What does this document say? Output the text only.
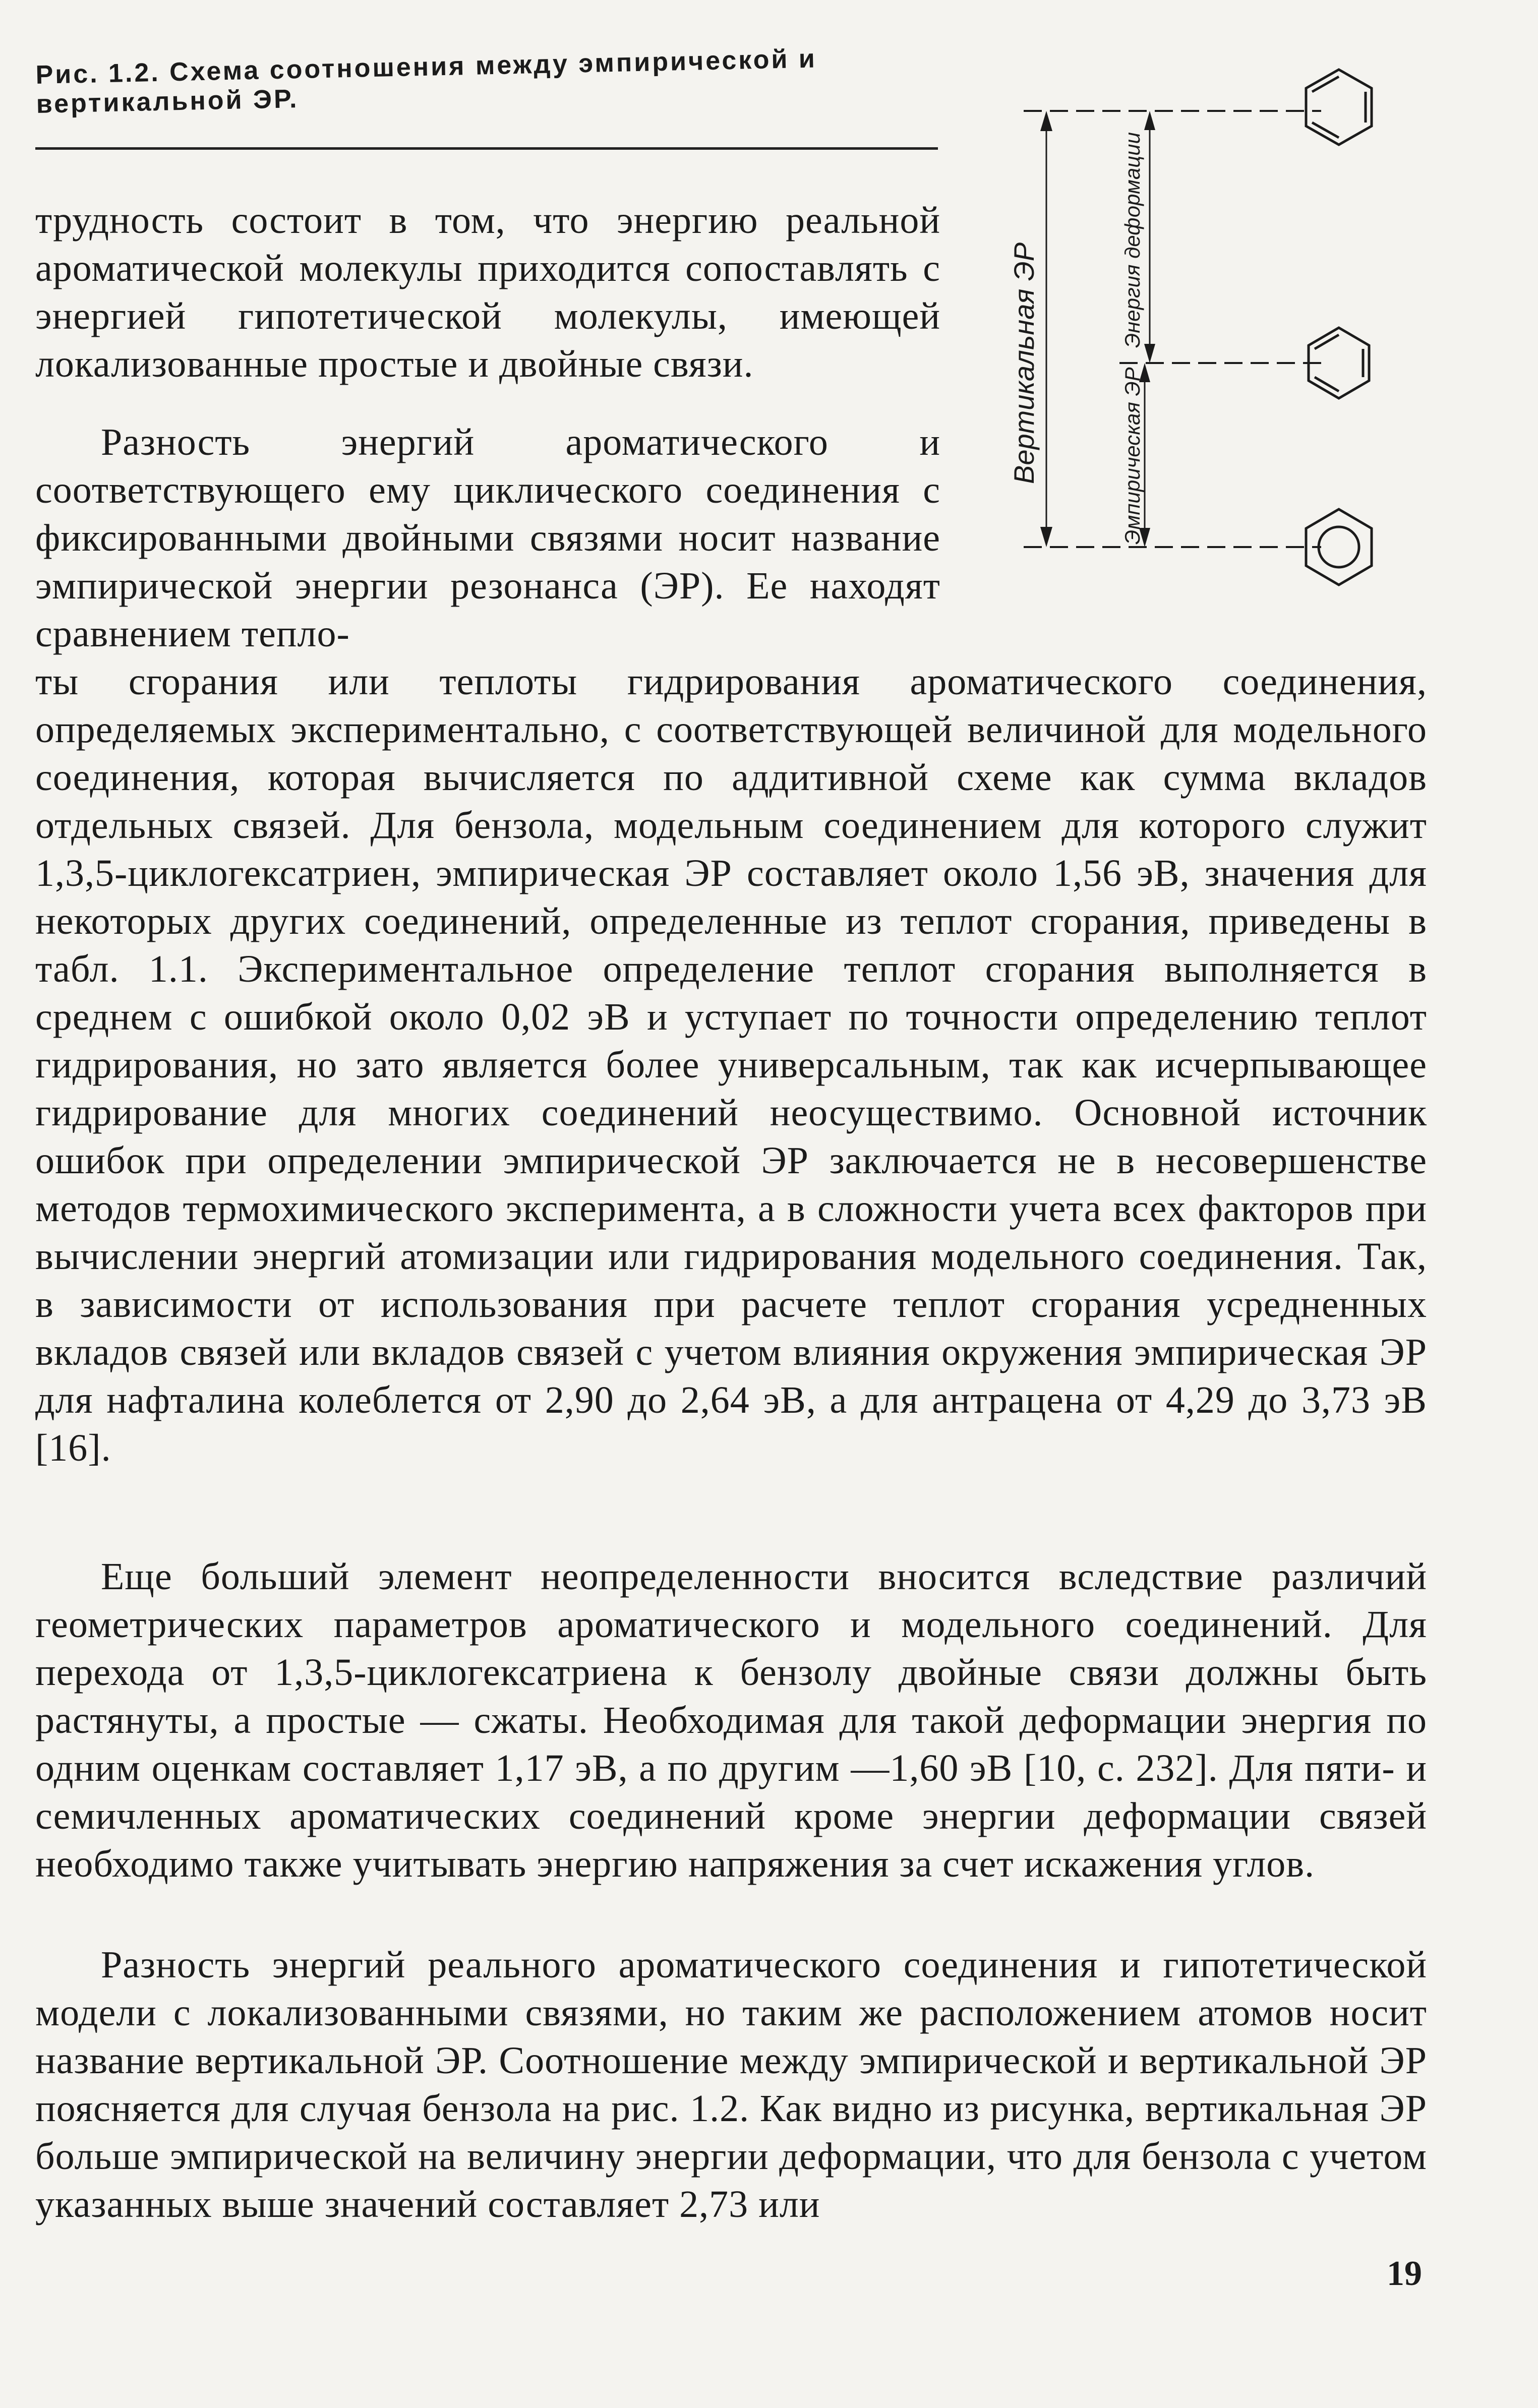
Рис. 1.2. Схема соотношения между эмпирической и вертикальной ЭР.
Вертикальная ЭР	Эмпирическая ЭР
Энергия деформации
трудность состоит в том, что энергию реальной ароматической молекулы приходится сопоставлять с энергией гипотетической молекулы, имеющей локализованные простые и двойные связи.
Разность энергий ароматического и соответствующего ему циклического соединения с фиксированными двойными связями носит название эмпирической энергии резонанса (ЭР). Ее находят сравнением тепло-
ты сгорания или теплоты гидрирования ароматического соединения, определяемых экспериментально, с соответствующей величиной для модельного соединения, которая вычисляется по аддитивной схеме как сумма вкладов отдельных связей. Для бензола, модельным соединением для которого служит 1,3,5-циклогексатриен, эмпирическая ЭР составляет около 1,56 эВ, значения для некоторых других соединений, определенные из теплот сгорания, приведены в табл. 1.1. Экспериментальное определение теплот сгорания выполняется в среднем с ошибкой около 0,02 эВ и уступает по точности определению теплот гидрирования, но зато является более универсальным, так как исчерпывающее гидрирование для многих соединений неосуществимо. Основной источник ошибок при определении эмпирической ЭР заключается не в несовершенстве методов термохимического эксперимента, а в сложности учета всех факторов при вычислении энергий атомизации или гидрирования модельного соединения. Так, в зависимости от использования при расчете теплот сгорания усредненных вкладов связей или вкладов связей с учетом влияния окружения эмпирическая ЭР для нафталина колеблется от 2,90 до 2,64 эВ, а для антрацена от 4,29 до 3,73 эВ [16].
Еще больший элемент неопределенности вносится вследствие различий геометрических параметров ароматического и модельного соединений. Для перехода от 1,3,5-циклогексатриена к бензолу двойные связи должны быть растянуты, а простые — сжаты. Необходимая для такой деформации энергия по одним оценкам составляет 1,17 эВ, а по другим —1,60 эВ [10, с. 232]. Для пяти- и семичленных ароматических соединений кроме энергии деформации связей необходимо также учитывать энергию напряжения за счет искажения углов.
Разность энергий реального ароматического соединения и гипотетической модели с локализованными связями, но таким же расположением атомов носит название вертикальной ЭР. Соотношение между эмпирической и вертикальной ЭР поясняется для случая бензола на рис. 1.2. Как видно из рисунка, вертикальная ЭР больше эмпирической на величину энергии деформации, что для бензола с учетом указанных выше значений составляет 2,73 или
19
